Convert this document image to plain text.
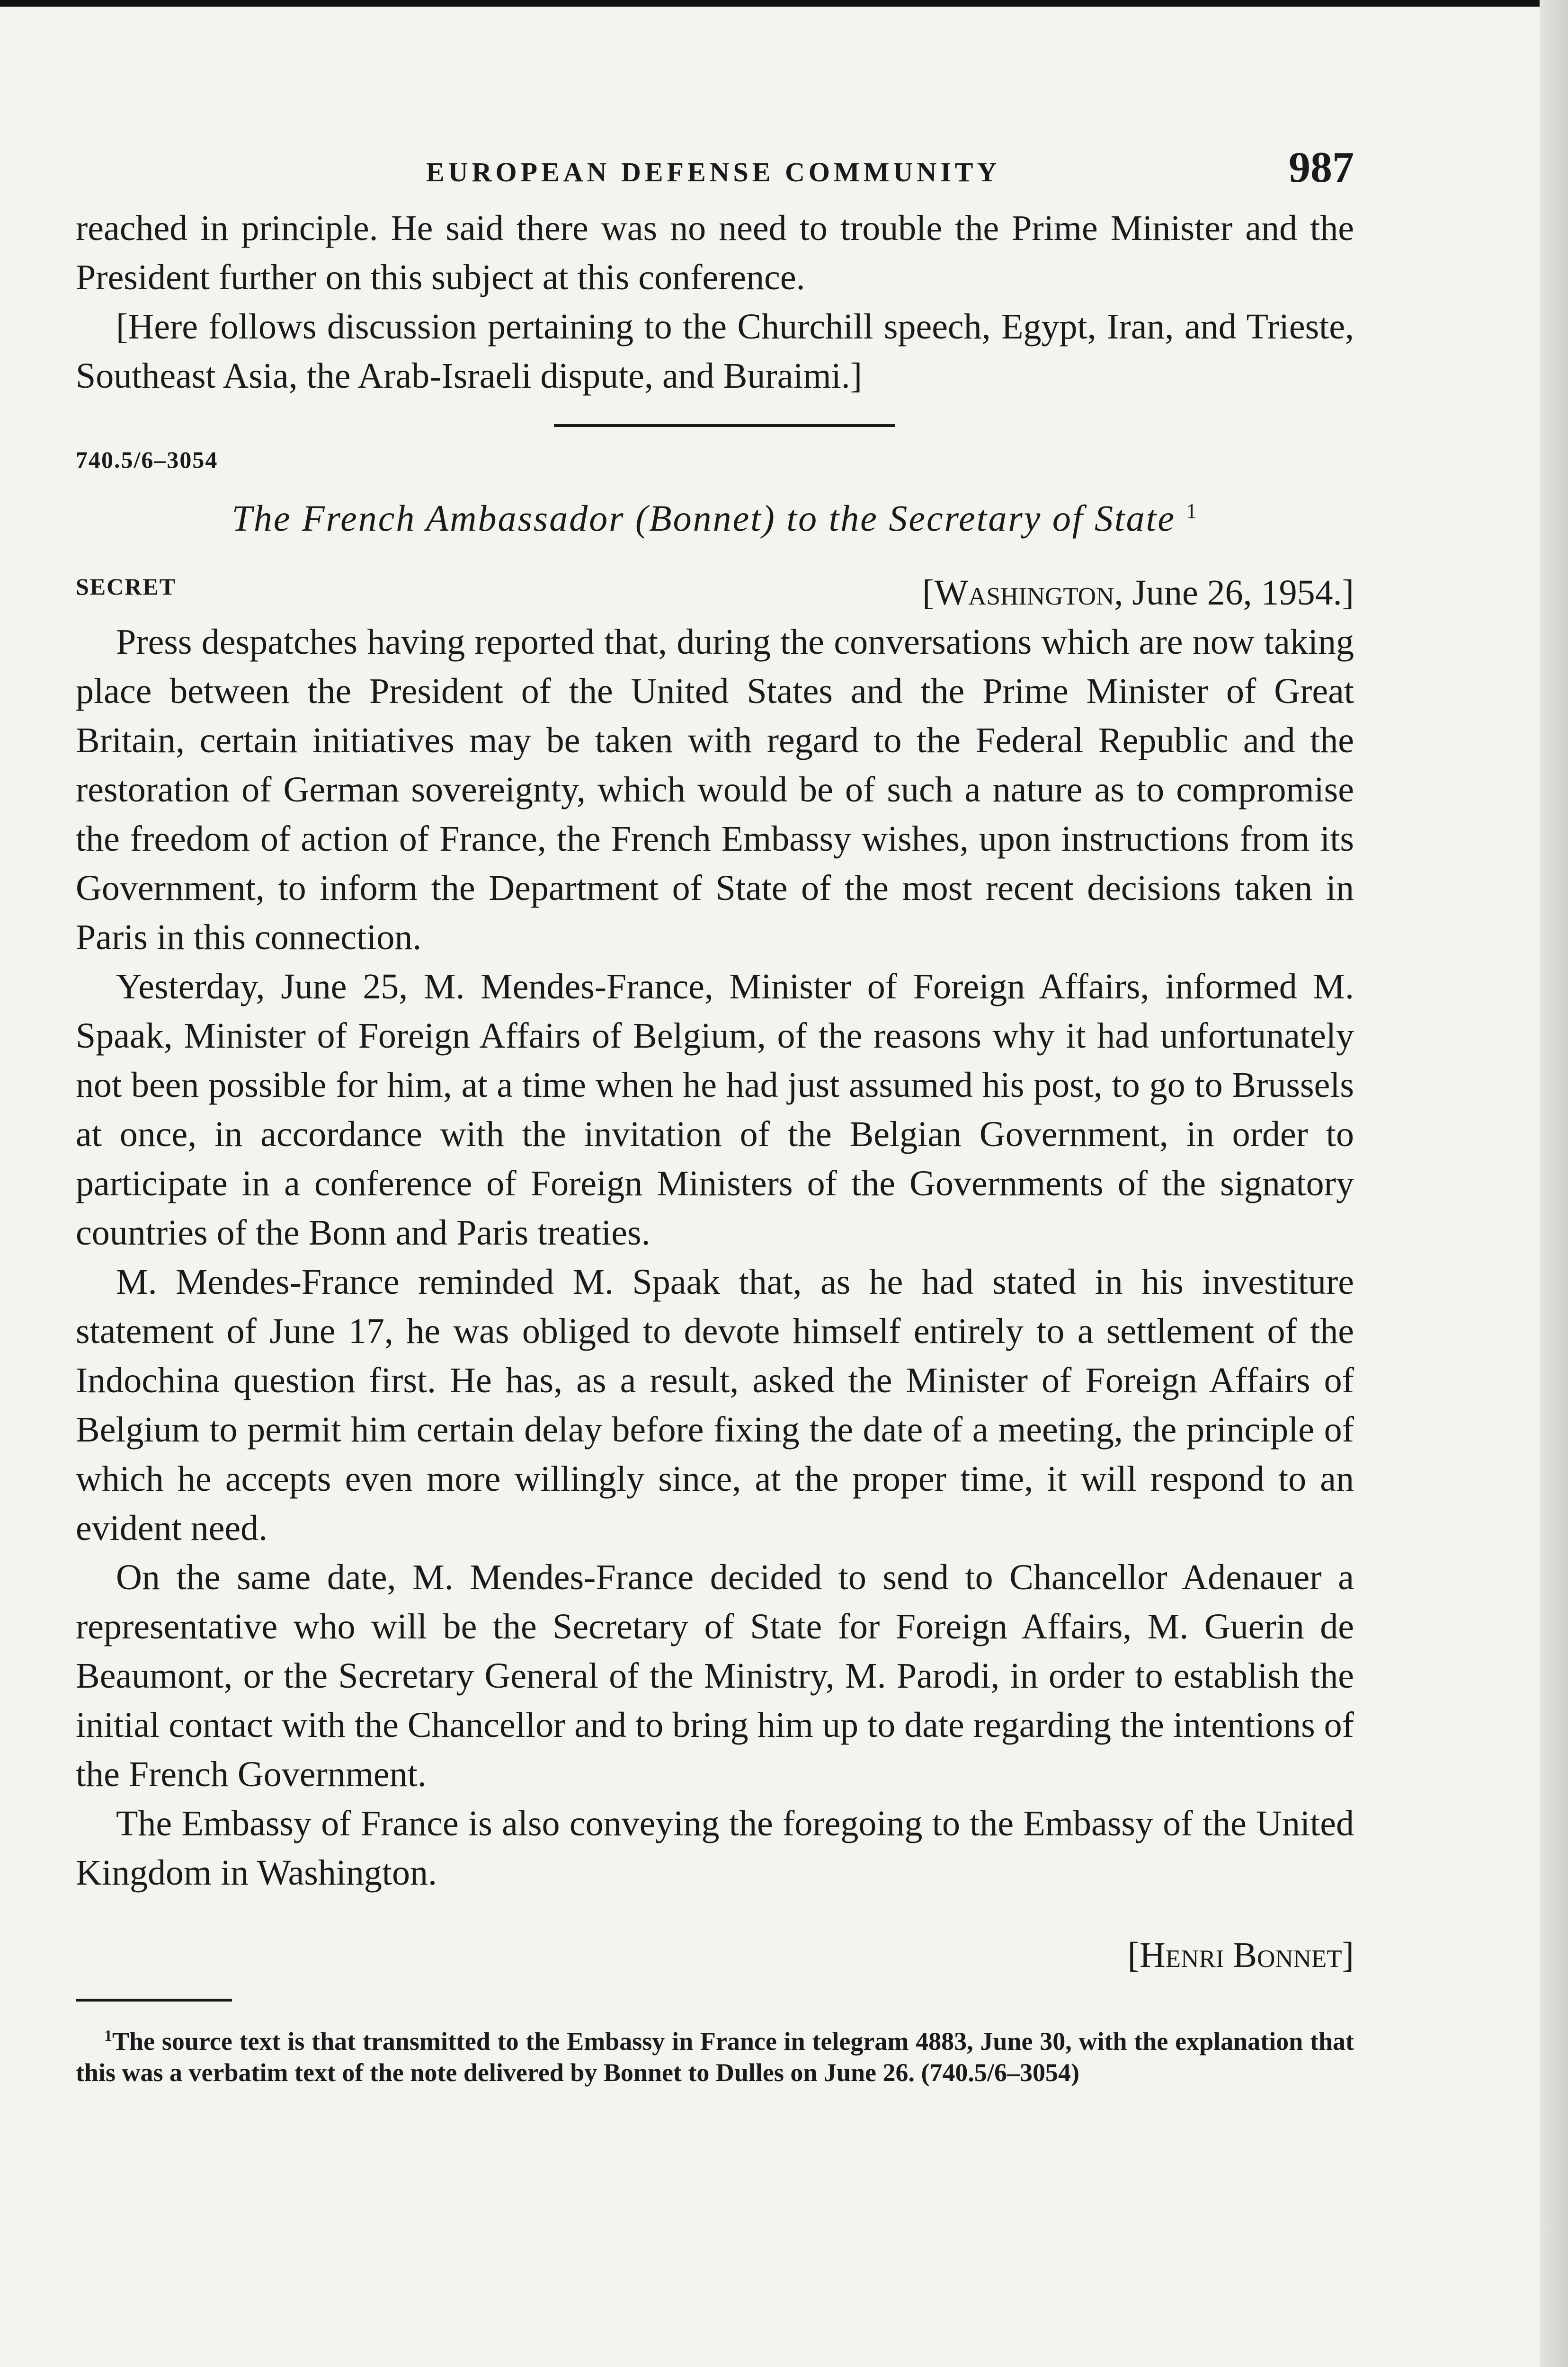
EUROPEAN DEFENSE COMMUNITY	987

reached in principle. He said there was no need to trouble the Prime Minister and the President further on this subject at this conference.

[Here follows discussion pertaining to the Churchill speech, Egypt, Iran, and Trieste, Southeast Asia, the Arab-Israeli dispute, and Buraimi.]

740.5/6–3054
The French Ambassador (Bonnet) to the Secretary of State $^1$
SECRET	[Washington, June 26, 1954.]

Press despatches having reported that, during the conversations which are now taking place between the President of the United States and the Prime Minister of Great Britain, certain initiatives may be taken with regard to the Federal Republic and the restoration of German sovereignty, which would be of such a nature as to compromise the freedom of action of France, the French Embassy wishes, upon instructions from its Government, to inform the Department of State of the most recent decisions taken in Paris in this connection.

Yesterday, June 25, M. Mendes-France, Minister of Foreign Affairs, informed M. Spaak, Minister of Foreign Affairs of Belgium, of the reasons why it had unfortunately not been possible for him, at a time when he had just assumed his post, to go to Brussels at once, in accordance with the invitation of the Belgian Government, in order to participate in a conference of Foreign Ministers of the Governments of the signatory countries of the Bonn and Paris treaties.

M. Mendes-France reminded M. Spaak that, as he had stated in his investiture statement of June 17, he was obliged to devote himself entirely to a settlement of the Indochina question first. He has, as a result, asked the Minister of Foreign Affairs of Belgium to permit him certain delay before fixing the date of a meeting, the principle of which he accepts even more willingly since, at the proper time, it will respond to an evident need.

On the same date, M. Mendes-France decided to send to Chancellor Adenauer a representative who will be the Secretary of State for Foreign Affairs, M. Guerin de Beaumont, or the Secretary General of the Ministry, M. Parodi, in order to establish the initial contact with the Chancellor and to bring him up to date regarding the intentions of the French Government.

The Embassy of France is also conveying the foregoing to the Embassy of the United Kingdom in Washington.

[Henri Bonnet]
$^1$The source text is that transmitted to the Embassy in France in telegram 4883, June 30, with the explanation that this was a verbatim text of the note delivered by Bonnet to Dulles on June 26. (740.5/6–3054)
